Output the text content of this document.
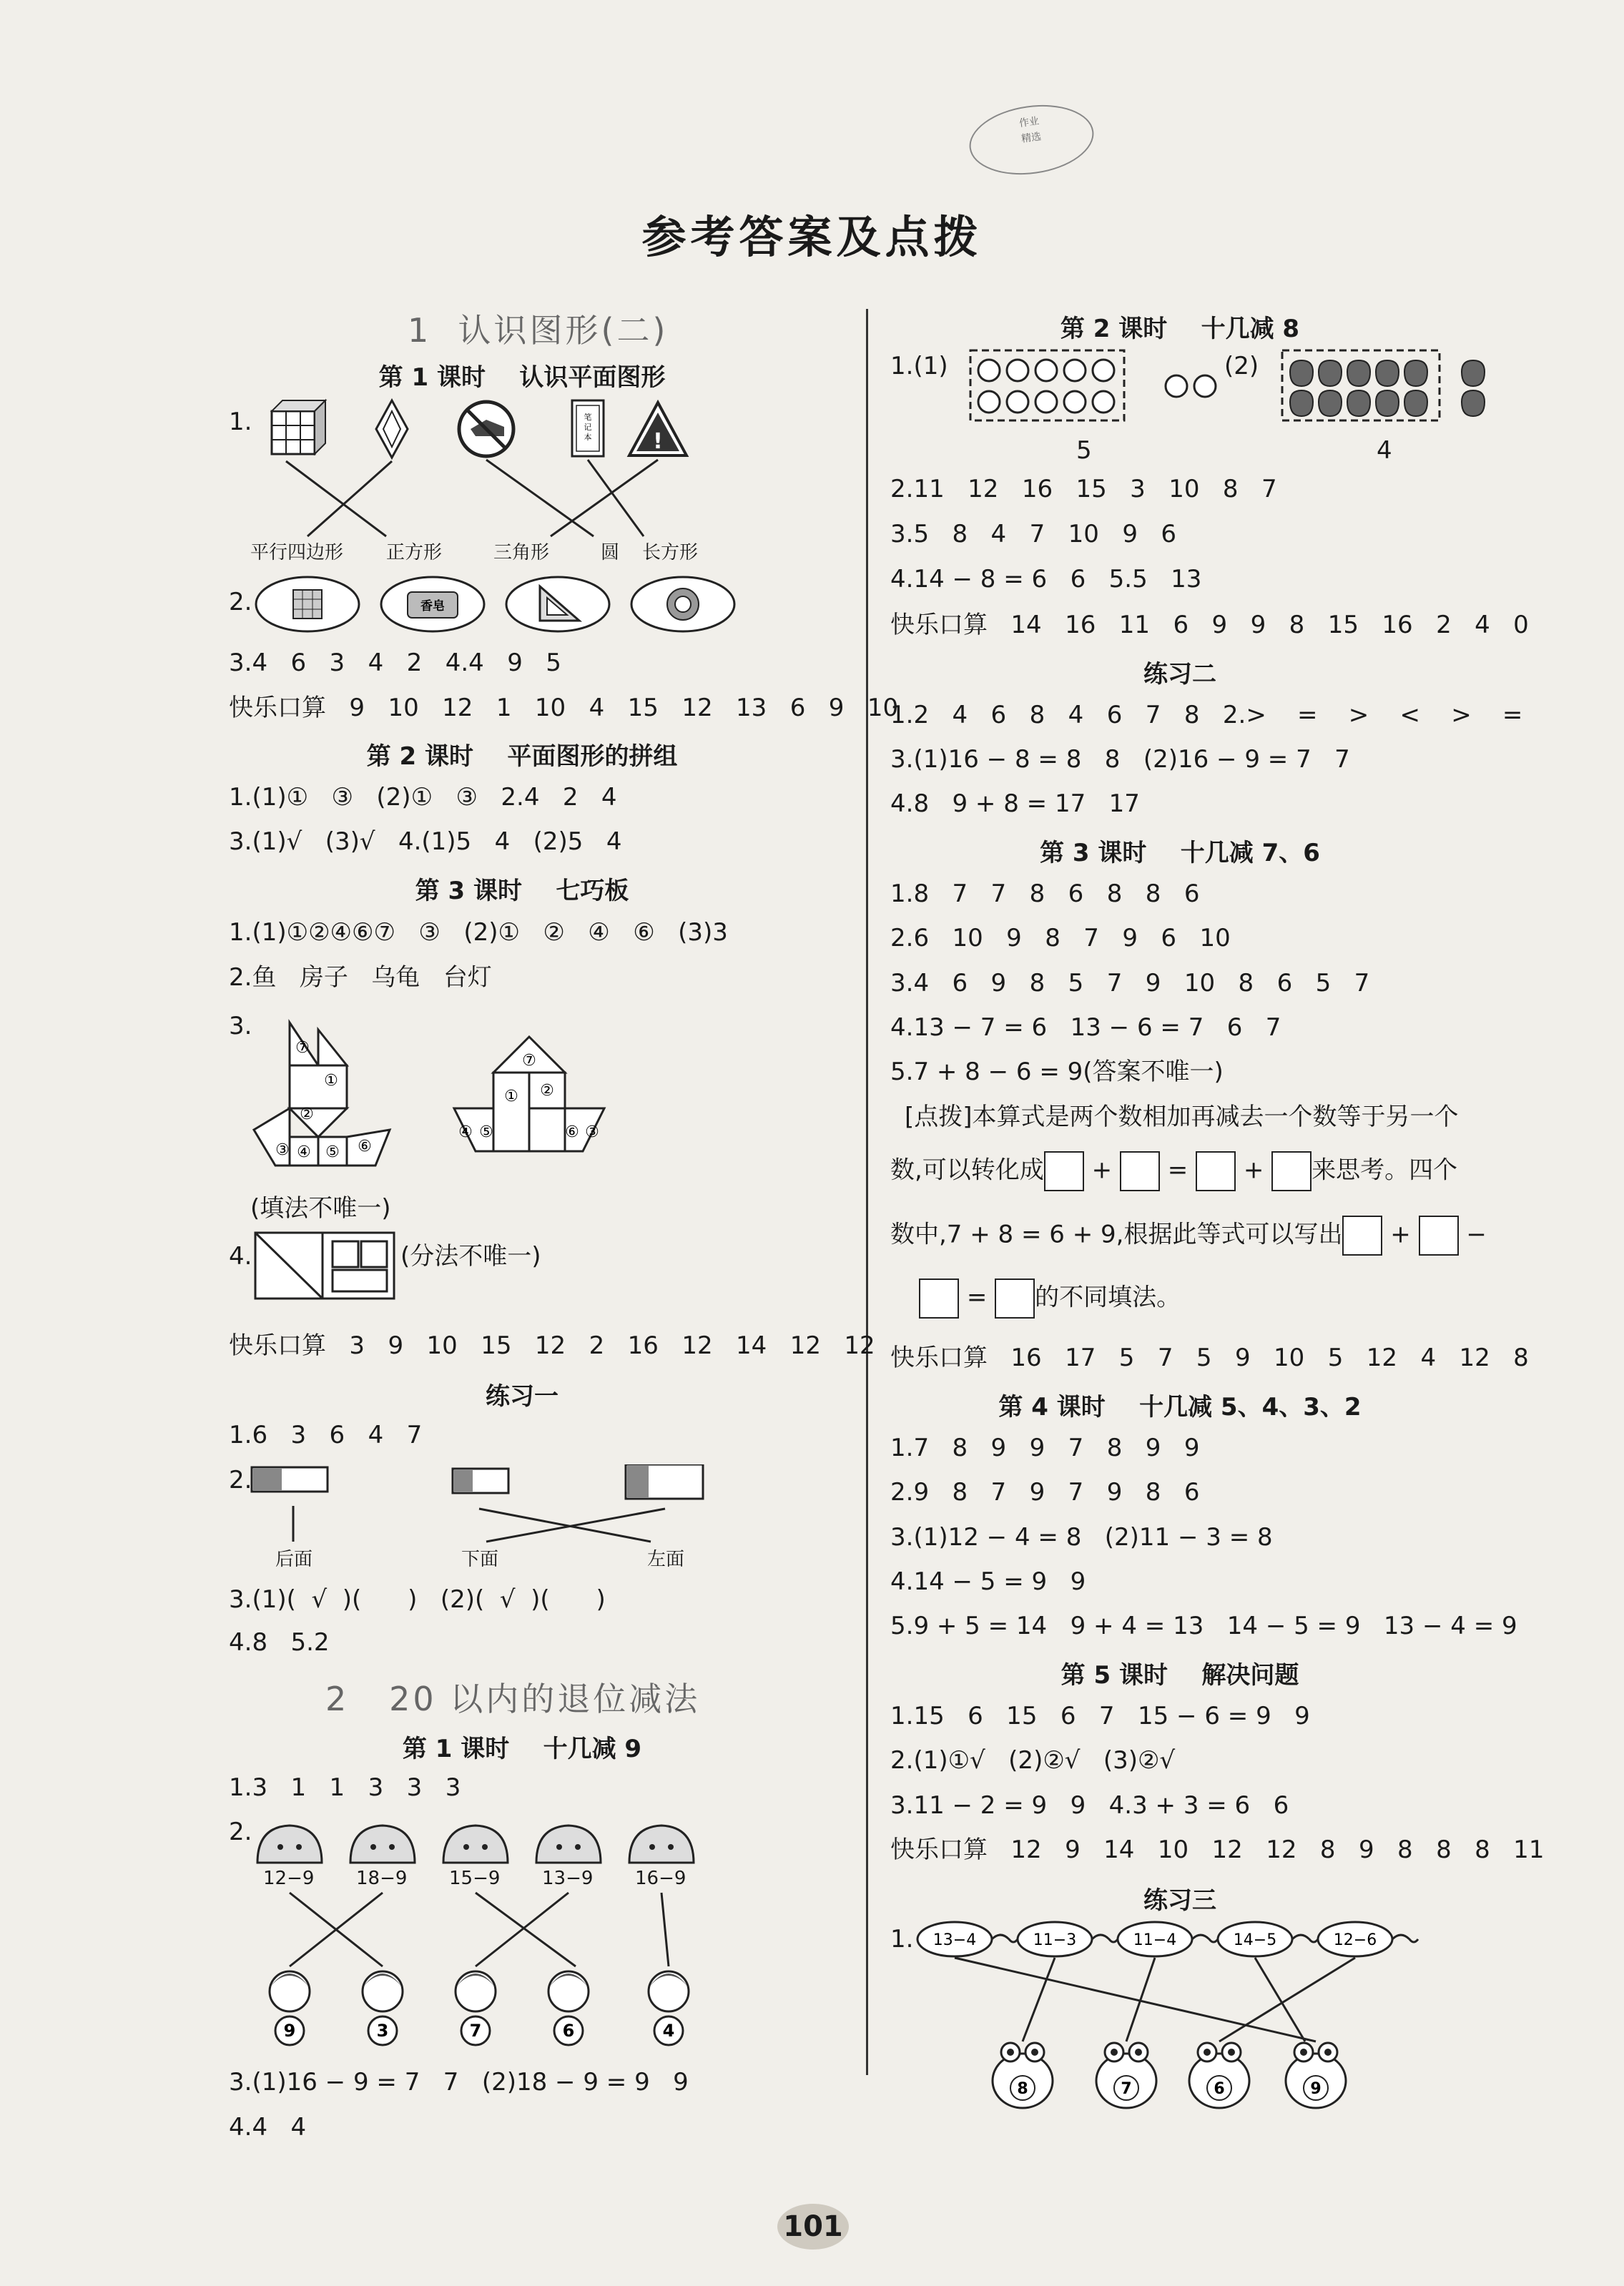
作业
精选
参考答案及点拨
1  认识图形(二)
第 1 课时    认识平面图形
1.	笔
记
本	!
平行四边形 正方形	三角形	圆 长方形
2.	香皂
3.4   6   3   4   2   4.4   9   5
快乐口算   9   10   12   1   10   4   15   12   13   6   9   10
第 2 课时    平面图形的拼组
1.(1)①   ③   (2)①   ③   2.4   2   4
3.(1)√   (3)√   4.(1)5   4   (2)5   4
第 3 课时    七巧板
1.(1)①②④⑥⑦   ③   (2)①   ②   ④   ⑥   (3)3
2.鱼   房子   乌龟   台灯
3.
⑦
①
②
③ ④ ⑤ ⑥
⑦
②
①
④ ⑤	⑥ ③
(填法不唯一)
4.	(分法不唯一)
快乐口算   3   9   10   15   12   2   16   12   14   12   12
练习一
1.6   3   6   4   7
2.
后面	下面	左面
3.(1)(  √  )(      )   (2)(  √  )(      )
4.8   5.2
2   20 以内的退位减法
第 1 课时    十几减 9
1.3   1   1   3   3   3
2.
9	3	7	6	4
12−9 18−9 15−9 13−9 16−9
3.(1)16 − 9 = 7   7   (2)18 − 9 = 9   9
4.4   4
第 2 课时    十几减 8
1.(1)	(2)
5	4
2.11   12   16   15   3   10   8   7
3.5   8   4   7   10   9   6
4.14 − 8 = 6   6   5.5   13
快乐口算   14   16   11   6   9   9   8   15   16   2   4   0
练习二
1.2   4   6   8   4   6   7   8   2.>    =    >    <    >    =
3.(1)16 − 8 = 8   8   (2)16 − 9 = 7   7
4.8   9 + 8 = 17   17
第 3 课时    十几减 7、6
1.8   7   7   8   6   8   8   6
2.6   10   9   8   7   9   6   10
3.4   6   9   8   5   7   9   10   8   6   5   7
4.13 − 7 = 6   13 − 6 = 7   6   7
5.7 + 8 − 6 = 9(答案不唯一)
[点拨]本算式是两个数相加再减去一个数等于另一个
数,可以转化成 + = + 来思考。四个
数中,7 + 8 = 6 + 9,根据此等式可以写出 + −
= 的不同填法。
快乐口算   16   17   5   7   5   9   10   5   12   4   12   8
第 4 课时    十几减 5、4、3、2
1.7   8   9   9   7   8   9   9
2.9   8   7   9   7   9   8   6
3.(1)12 − 4 = 8   (2)11 − 3 = 8
4.14 − 5 = 9   9
5.9 + 5 = 14   9 + 4 = 13   14 − 5 = 9   13 − 4 = 9
第 5 课时    解决问题
1.15   6   15   6   7   15 − 6 = 9   9
2.(1)①√   (2)②√   (3)②√
3.11 − 2 = 9   9   4.3 + 3 = 6   6
快乐口算   12   9   14   10   12   12   8   9   8   8   8   11
练习三
1. 13−4	11−3	11−4	14−5	12−6
8	7	6	9
101
